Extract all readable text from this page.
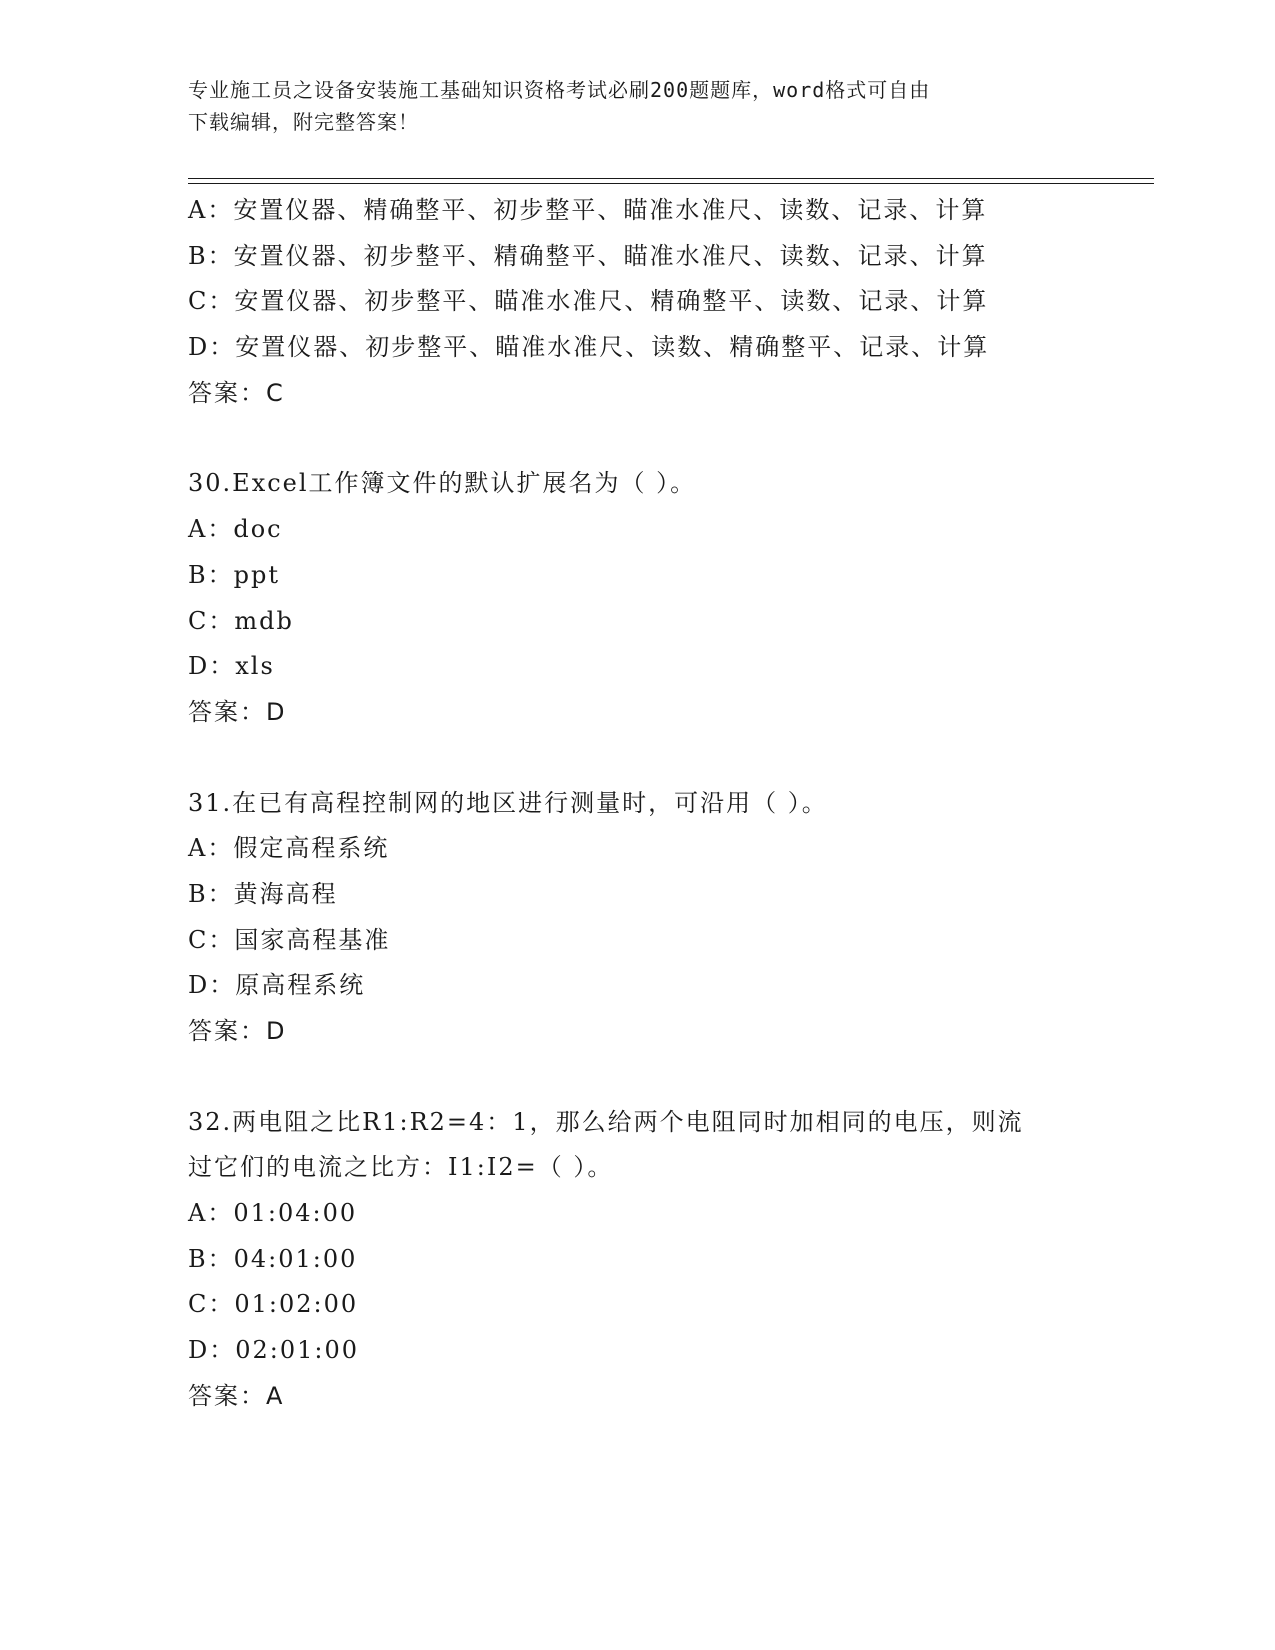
专业施工员之设备安装施工基础知识资格考试必刷200题题库，word格式可自由
下载编辑，附完整答案！
A：安置仪器、精确整平、初步整平、瞄准水准尺、读数、记录、计算
B：安置仪器、初步整平、精确整平、瞄准水准尺、读数、记录、计算
C：安置仪器、初步整平、瞄准水准尺、精确整平、读数、记录、计算
D：安置仪器、初步整平、瞄准水准尺、读数、精确整平、记录、计算
答案：C
30.Excel工作簿文件的默认扩展名为（ ）。
A：doc
B：ppt
C：mdb
D：xls
答案：D
31.在已有高程控制网的地区进行测量时，可沿用（ ）。
A：假定高程系统
B：黄海高程
C：国家高程基准
D：原高程系统
答案：D
32.两电阻之比R1:R2=4：1，那么给两个电阻同时加相同的电压，则流
过它们的电流之比方：I1:I2=（ ）。
A：01:04:00
B：04:01:00
C：01:02:00
D：02:01:00
答案：A
